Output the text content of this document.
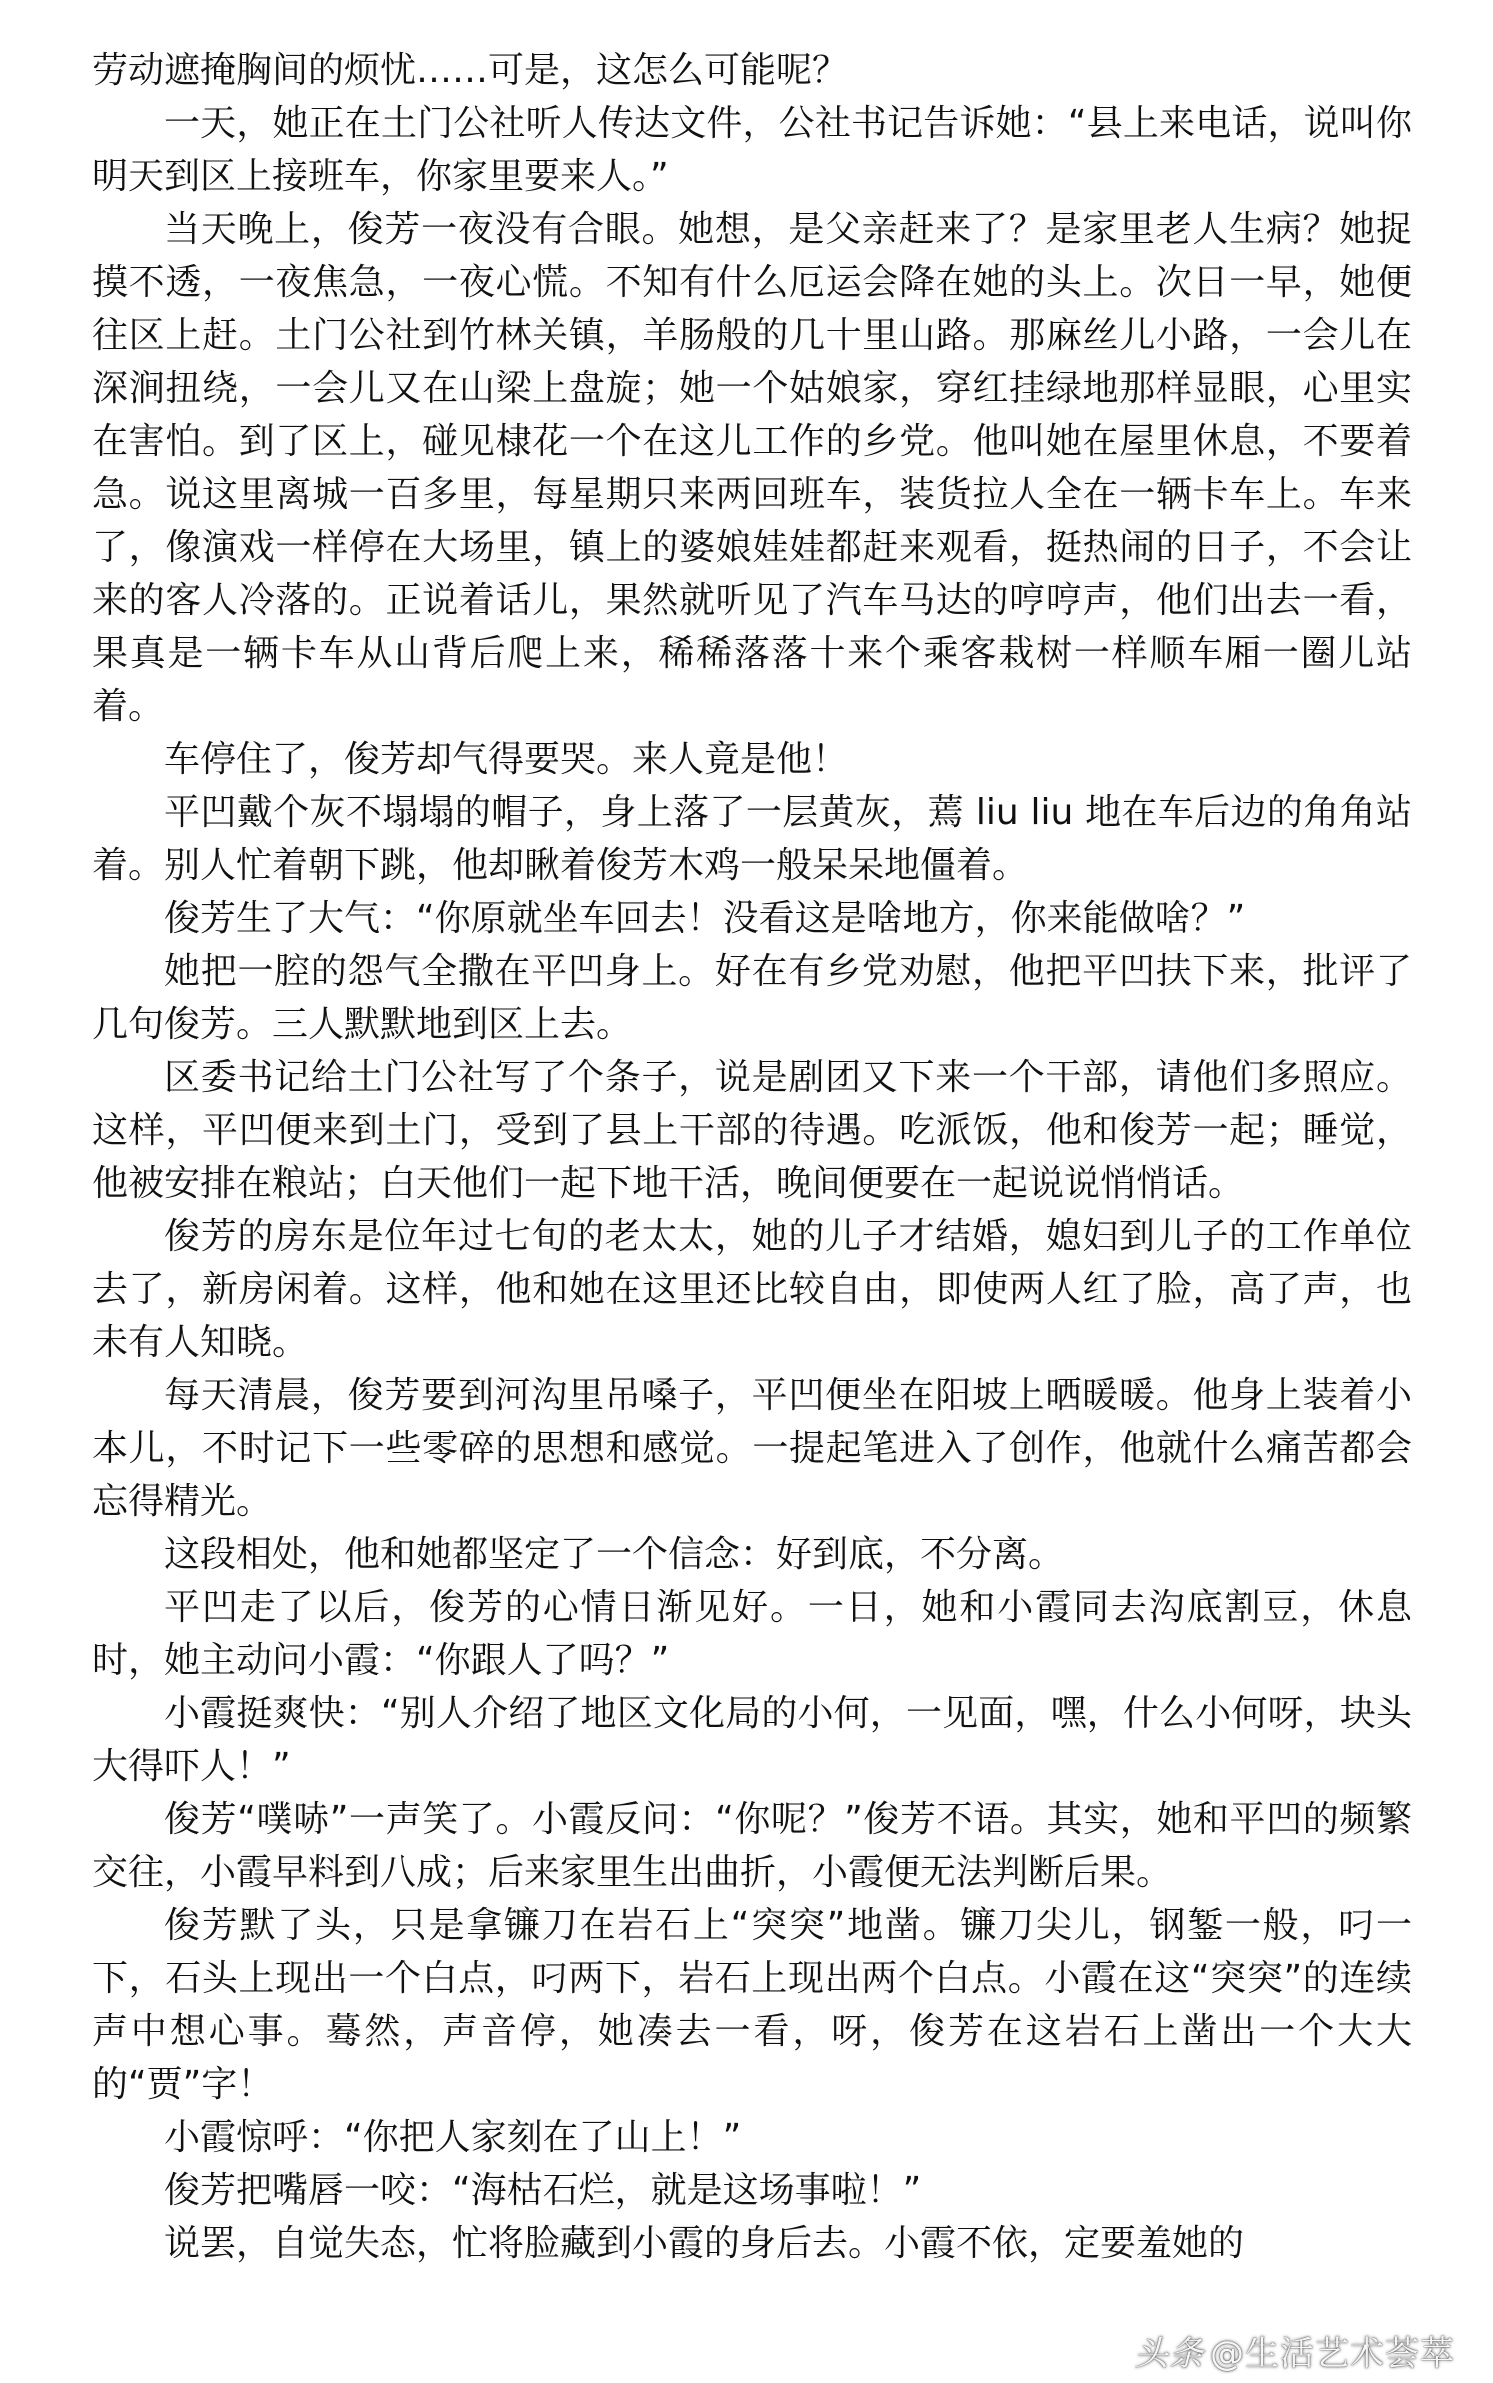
劳动遮掩胸间的烦忧……可是，这怎么可能呢？

一天，她正在土门公社听人传达文件，公社书记告诉她：“县上来电话，说叫你明天到区上接班车，你家里要来人。”

当天晚上，俊芳一夜没有合眼。她想，是父亲赶来了？是家里老人生病？她捉摸不透，一夜焦急，一夜心慌。不知有什么厄运会降在她的头上。次日一早，她便往区上赶。土门公社到竹林关镇，羊肠般的几十里山路。那麻丝儿小路，一会儿在深涧扭绕，一会儿又在山梁上盘旋；她一个姑娘家，穿红挂绿地那样显眼，心里实在害怕。到了区上，碰见棣花一个在这儿工作的乡党。他叫她在屋里休息，不要着急。说这里离城一百多里，每星期只来两回班车，装货拉人全在一辆卡车上。车来了，像演戏一样停在大场里，镇上的婆娘娃娃都赶来观看，挺热闹的日子，不会让来的客人冷落的。正说着话儿，果然就听见了汽车马达的哼哼声，他们出去一看，果真是一辆卡车从山背后爬上来，稀稀落落十来个乘客栽树一样顺车厢一圈儿站着。

车停住了，俊芳却气得要哭。来人竟是他！

平凹戴个灰不塌塌的帽子，身上落了一层黄灰，蔫 liu liu 地在车后边的角角站着。别人忙着朝下跳，他却瞅着俊芳木鸡一般呆呆地僵着。

俊芳生了大气：“你原就坐车回去！没看这是啥地方，你来能做啥？”

她把一腔的怨气全撒在平凹身上。好在有乡党劝慰，他把平凹扶下来，批评了几句俊芳。三人默默地到区上去。

区委书记给土门公社写了个条子，说是剧团又下来一个干部，请他们多照应。这样，平凹便来到土门，受到了县上干部的待遇。吃派饭，他和俊芳一起；睡觉，他被安排在粮站；白天他们一起下地干活，晚间便要在一起说说悄悄话。

俊芳的房东是位年过七旬的老太太，她的儿子才结婚，媳妇到儿子的工作单位去了，新房闲着。这样，他和她在这里还比较自由，即使两人红了脸，高了声，也未有人知晓。

每天清晨，俊芳要到河沟里吊嗓子，平凹便坐在阳坡上晒暖暖。他身上装着小本儿，不时记下一些零碎的思想和感觉。一提起笔进入了创作，他就什么痛苦都会忘得精光。

这段相处，他和她都坚定了一个信念：好到底，不分离。

平凹走了以后，俊芳的心情日渐见好。一日，她和小霞同去沟底割豆，休息时，她主动问小霞：“你跟人了吗？”

小霞挺爽快：“别人介绍了地区文化局的小何，一见面，嘿，什么小何呀，块头大得吓人！”

俊芳“噗哧”一声笑了。小霞反问：“你呢？”俊芳不语。其实，她和平凹的频繁交往，小霞早料到八成；后来家里生出曲折，小霞便无法判断后果。

俊芳默了头，只是拿镰刀在岩石上“突突”地凿。镰刀尖儿，钢錾一般，叼一下，石头上现出一个白点，叼两下，岩石上现出两个白点。小霞在这“突突”的连续声中想心事。蓦然，声音停，她凑去一看，呀，俊芳在这岩石上凿出一个大大的“贾”字！

小霞惊呼：“你把人家刻在了山上！”

俊芳把嘴唇一咬：“海枯石烂，就是这场事啦！”

说罢，自觉失态，忙将脸藏到小霞的身后去。小霞不依，定要羞她的

头条 @生活艺术荟萃
